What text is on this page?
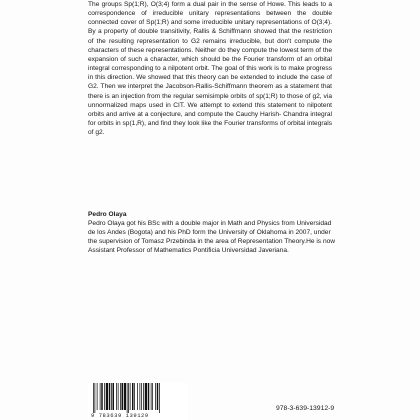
The groups Sp(1;R), O(3;4) form a dual pair in the sense of Howe. This leads to a correspondence of irreducible unitary representations between the double connected cover of Sp(1;R) and some irreducible unitary representations of O(3;4). By a property of double transitivity, Rallis & Schiffmann showed that the restriction of the resulting representation to G2 remains irreducible, but don't compute the characters of these representations. Neither do they compute the lowest term of the expansion of such a character, which should be the Fourier transform of an orbital integral corresponding to a nilpotent orbit. The goal of this work is to make progress in this direction. We showed that this theory can be extended to include the case of G2. Then we interpret the Jacobson-Rallis-Schiffmann theorem as a statement that there is an injection from the regular semisimple orbits of sp(1;R) to those of g2, via unnormalized maps used in CIT. We attempt to extend this statement to nilpotent orbits and arrive at a conjecture, and compute the Cauchy Harish- Chandra integral for orbits in sp(1,R), and find they look like the Fourier transforms of orbital integrals of g2.

Pedro Olaya

Pedro Olaya got his BSc with a double major in Math and Physics from Universidad de los Andes (Bogota) and his PhD form the University of Oklahoma in 2007, under the supervision of Tomasz Przebinda in the area of Representation Theory.He is now Assistant Professor of Mathematics Pontificia Universidad Javeriana.

9 783639 139129

978-3-639-13912-9
